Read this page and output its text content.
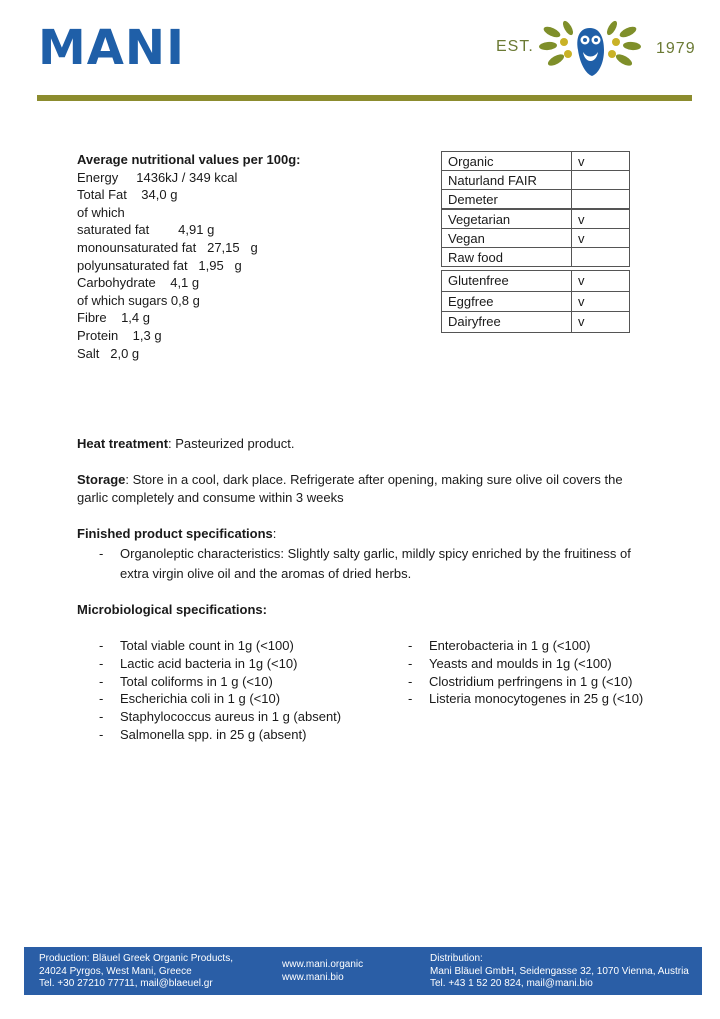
MANI	EST.	1979
Average nutritional values per 100g:
Energy     1436kJ / 349 kcal
Total Fat    34,0 g
of which
saturated fat        4,91 g
monounsaturated fat   27,15   g
polyunsaturated fat   1,95   g
Carbohydrate    4,1 g
of which sugars 0,8 g
Fibre    1,4 g
Protein    1,3 g
Salt   2,0 g
Organic	v
Naturland FAIR	
Demeter	
Vegetarian	v
Vegan	v
Raw food	
Glutenfree	v
Eggfree	v
Dairyfree	v
Heat treatment: Pasteurized product.
Storage: Store in a cool, dark place. Refrigerate after opening, making sure olive oil covers the garlic completely and consume within 3 weeks
Finished product specifications:
- Organoleptic characteristics: Slightly salty garlic, mildly spicy enriched by the fruitiness of extra virgin olive oil and the aromas of dried herbs.
Microbiological specifications:
- Total viable count in 1g (<100)
- Lactic acid bacteria in 1g (<10)
- Total coliforms in 1 g (<10)
- Escherichia coli in 1 g (<10)
- Staphylococcus aureus in 1 g (absent)
- Salmonella spp. in 25 g (absent)
- Enterobacteria in 1 g (<100)
- Yeasts and moulds in 1g (<100)
- Clostridium perfringens in 1 g (<10)
- Listeria monocytogenes in 25 g (<10)
Production: Bläuel Greek Organic Products,
24024 Pyrgos, West Mani, Greece
Tel. +30 27210 77711, mail@blaeuel.gr
www.mani.organic
www.mani.bio
Distribution:
Mani Bläuel GmbH, Seidengasse 32, 1070 Vienna, Austria
Tel. +43 1 52 20 824, mail@mani.bio
